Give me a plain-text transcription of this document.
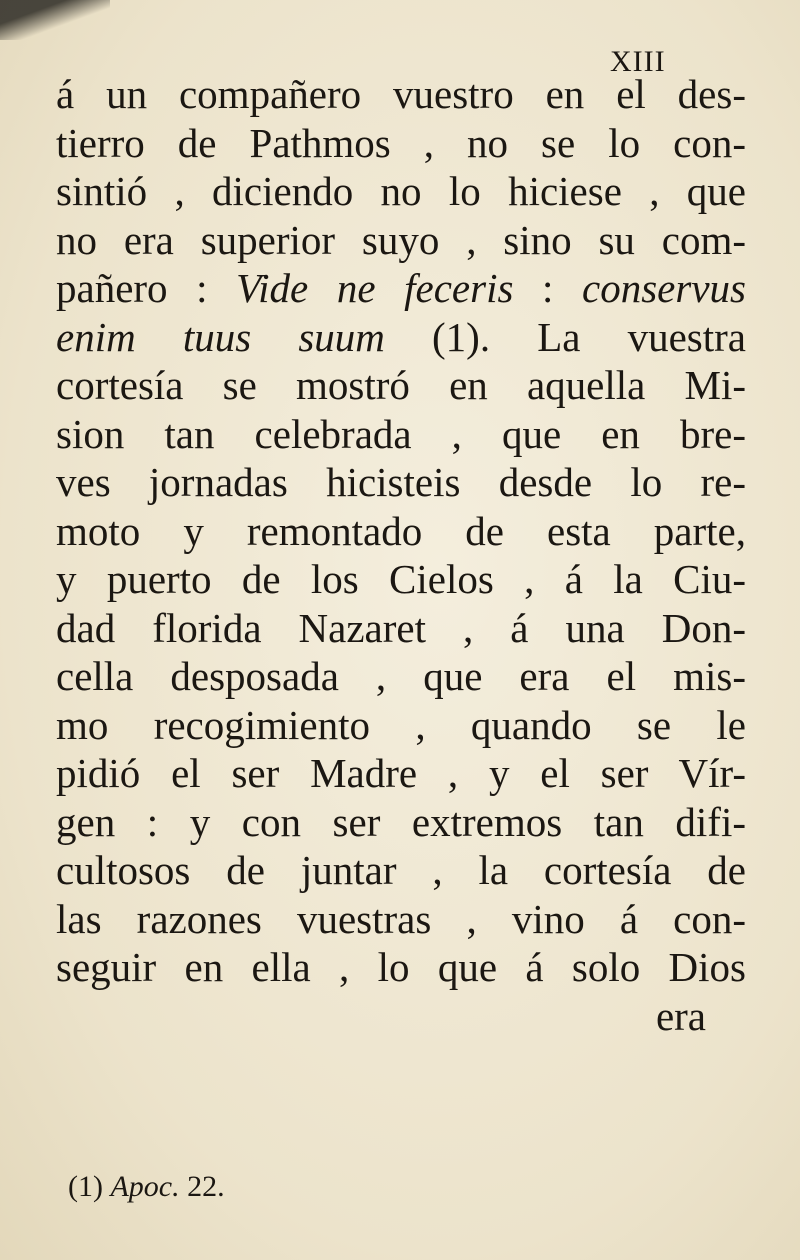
XIII
á un compañero vuestro en el des-
tierro de Pathmos , no se lo con-
sintió , diciendo no lo hiciese , que
no era superior suyo , sino su com-
pañero : Vide ne feceris : conservus
enim tuus suum (1). La vuestra
cortesía se mostró en aquella Mi-
sion tan celebrada , que en bre-
ves jornadas hicisteis desde lo re-
moto y remontado de esta parte,
y puerto de los Cielos , á la Ciu-
dad florida Nazaret , á una Don-
cella desposada , que era el mis-
mo recogimiento , quando se le
pidió el ser Madre , y el ser Vír-
gen : y con ser extremos tan difi-
cultosos de juntar , la cortesía de
las razones vuestras , vino á con-
seguir en ella , lo que á solo Dios
era
(1) Apoc. 22.
